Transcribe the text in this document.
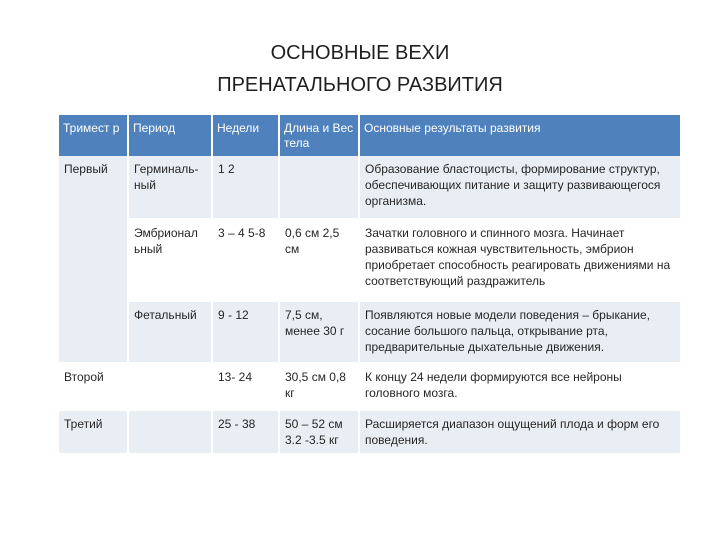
ОСНОВНЫЕ ВЕХИ
ПРЕНАТАЛЬНОГО РАЗВИТИЯ
Тримест р	Период	Недели	Длина и Вес тела	Основные результаты развития
Первый	Герминаль-ный	1 2		Образование бластоцисты, формирование структур, обеспечивающих питание и защиту развивающегося организма.
	Эмбрионал ьный	3 – 4 5-8	0,6 см 2,5 см	Зачатки головного и спинного мозга. Начинает развиваться кожная чувствительность, эмбрион приобретает способность реагировать движениями на соответствующий раздражитель
	Фетальный	9 - 12	7,5 см, менее 30 г	Появляются новые модели поведения – брыкание, сосание большого пальца, открывание рта, предварительные дыхательные движения.
Второй		13- 24	30,5 см 0,8 кг	К концу 24 недели формируются все нейроны головного мозга.
Третий		25 - 38	50 – 52 см 3.2 -3.5 кг	Расширяется диапазон ощущений плода и форм его поведения.
